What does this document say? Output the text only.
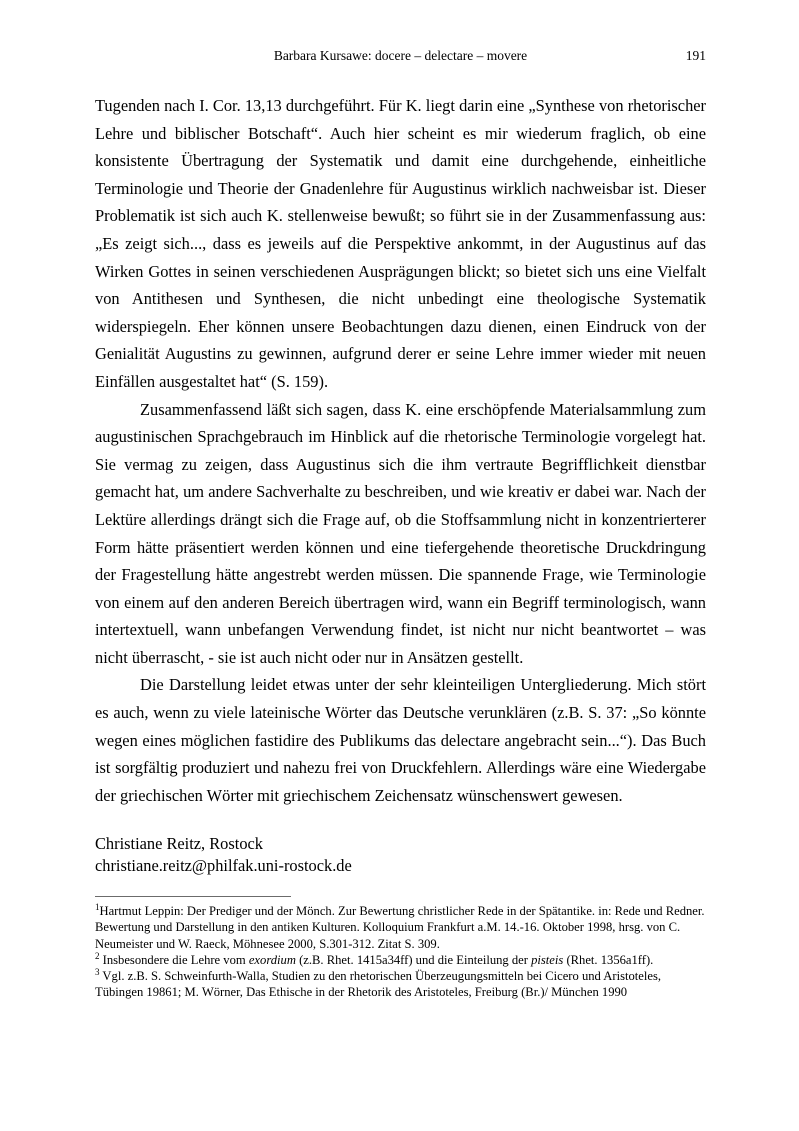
Barbara Kursawe: docere – delectare – movere	191

Tugenden nach I. Cor. 13,13 durchgeführt. Für K. liegt darin eine „Synthese von rhetorischer Lehre und biblischer Botschaft“. Auch hier scheint es mir wiederum fraglich, ob eine konsistente Übertragung der Systematik und damit eine durchgehende, einheitliche Terminologie und Theorie der Gnadenlehre für Augustinus wirklich nachweisbar ist. Dieser Problematik ist sich auch K. stellenweise bewußt; so führt sie in der Zusammenfassung aus: „Es zeigt sich..., dass es jeweils auf die Perspektive ankommt, in der Augustinus auf das Wirken Gottes in seinen verschiedenen Ausprägungen blickt; so bietet sich uns eine Vielfalt von Antithesen und Synthesen, die nicht unbedingt eine theologische Systematik widerspiegeln. Eher können unsere Beobachtungen dazu dienen, einen Eindruck von der Genialität Augustins zu gewinnen, aufgrund derer er seine Lehre immer wieder mit neuen Einfällen ausgestaltet hat“ (S. 159).

Zusammenfassend läßt sich sagen, dass K. eine erschöpfende Materialsammlung zum augustinischen Sprachgebrauch im Hinblick auf die rhetorische Terminologie vorgelegt hat. Sie vermag zu zeigen, dass Augustinus sich die ihm vertraute Begrifflichkeit dienstbar gemacht hat, um andere Sachverhalte zu beschreiben, und wie kreativ er dabei war. Nach der Lektüre allerdings drängt sich die Frage auf, ob die Stoffsammlung nicht in konzentrierterer Form hätte präsentiert werden können und eine tiefergehende theoretische Druckdringung der Fragestellung hätte angestrebt werden müssen. Die spannende Frage, wie Terminologie von einem auf den anderen Bereich übertragen wird, wann ein Begriff terminologisch, wann intertextuell, wann unbefangen Verwendung findet, ist nicht nur nicht beantwortet – was nicht überrascht, - sie ist auch nicht oder nur in Ansätzen gestellt.

Die Darstellung leidet etwas unter der sehr kleinteiligen Untergliederung. Mich stört es auch, wenn zu viele lateinische Wörter das Deutsche verunklären (z.B. S. 37: „So könnte wegen eines möglichen fastidire des Publikums das delectare angebracht sein...“). Das Buch ist sorgfältig produziert und nahezu frei von Druckfehlern. Allerdings wäre eine Wiedergabe der griechischen Wörter mit griechischem Zeichensatz wünschenswert gewesen.

Christiane Reitz, Rostock
christiane.reitz@philfak.uni-rostock.de

$^1$Hartmut Leppin: Der Prediger und der Mönch. Zur Bewertung christlicher Rede in der Spätantike. in: Rede und Redner. Bewertung und Darstellung in den antiken Kulturen. Kolloquium Frankfurt a.M. 14.-16. Oktober 1998, hrsg. von C. Neumeister und W. Raeck, Möhnesee 2000, S.301-312. Zitat S. 309.

$^2$ Insbesondere die Lehre vom exordium (z.B. Rhet. 1415a34ff) und die Einteilung der pisteis (Rhet. 1356a1ff).

$^3$ Vgl. z.B. S. Schweinfurth-Walla, Studien zu den rhetorischen Überzeugungsmitteln bei Cicero und Aristoteles, Tübingen 19861; M. Wörner, Das Ethische in der Rhetorik des Aristoteles, Freiburg (Br.)/ München 1990
